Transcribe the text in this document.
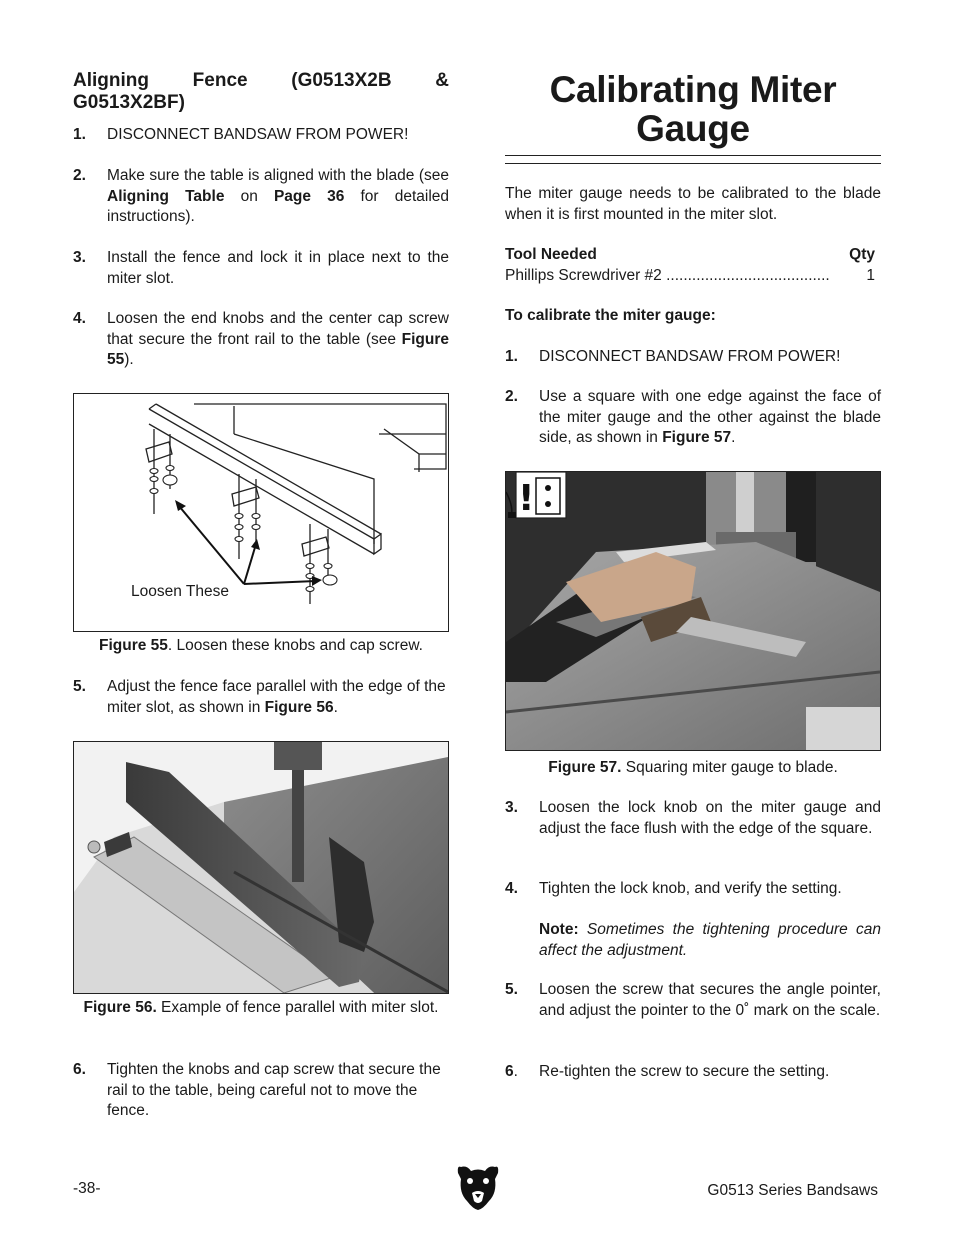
Aligning Fence (G0513X2B &
G0513X2BF)
1. DISCONNECT BANDSAW FROM POWER!
2. Make sure the table is aligned with the blade (see Aligning Table on Page 36 for detailed instructions).
3. Install the fence and lock it in place next to the miter slot.
4. Loosen the end knobs and the center cap screw that secure the front rail to the table (see Figure 55).
Loosen These
Figure 55. Loosen these knobs and cap screw.
5. Adjust the fence face parallel with the edge of the miter slot, as shown in Figure 56.
Figure 56. Example of fence parallel with miter slot.
6. Tighten the knobs and cap screw that secure the rail to the table, being careful not to move the fence.
Calibrating Miter
Gauge
The miter gauge needs to be calibrated to the blade when it is first mounted in the miter slot.
Tool Needed	Qty
Phillips Screwdriver #2 ...................................... 1
To calibrate the miter gauge:
1. DISCONNECT BANDSAW FROM POWER!
2. Use a square with one edge against the face of the miter gauge and the other against the blade side, as shown in Figure 57.
!
Figure 57. Squaring miter gauge to blade.
3. Loosen the lock knob on the miter gauge and adjust the face flush with the edge of the square.
4. Tighten the lock knob, and verify the setting.
Note: Sometimes the tightening procedure can affect the adjustment.
5. Loosen the screw that secures the angle pointer, and adjust the pointer to the 0˚ mark on the scale.
6. Re-tighten the screw to secure the setting.
-38-	G0513 Series Bandsaws
